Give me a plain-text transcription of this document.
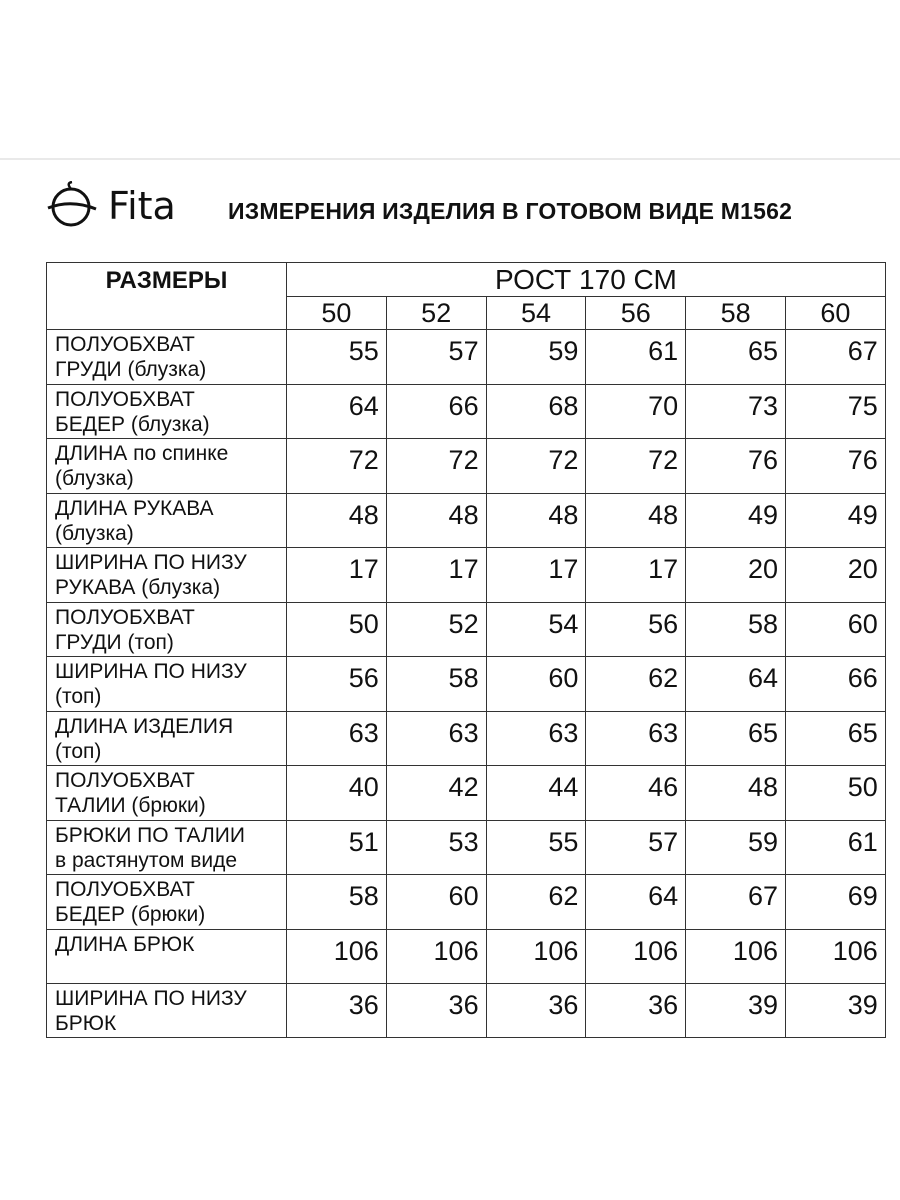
Fita ИЗМЕРЕНИЯ ИЗДЕЛИЯ В ГОТОВОМ ВИДЕ М1562
РАЗМЕРЫ	РОСТ 170 СМ					
	50	52	54	56	58	60

ПОЛУОБХВАТ
ГРУДИ (блузка)	55	57	59	61	65	67

ПОЛУОБХВАТ
БЕДЕР (блузка)	64	66	68	70	73	75

ДЛИНА по спинке
(блузка)	72	72	72	72	76	76

ДЛИНА РУКАВА
(блузка)	48	48	48	48	49	49

ШИРИНА ПО НИЗУ
РУКАВА (блузка)	17	17	17	17	20	20

ПОЛУОБХВАТ
ГРУДИ (топ)	50	52	54	56	58	60

ШИРИНА ПО НИЗУ
(топ)	56	58	60	62	64	66

ДЛИНА ИЗДЕЛИЯ
(топ)	63	63	63	63	65	65

ПОЛУОБХВАТ
ТАЛИИ (брюки)	40	42	44	46	48	50

БРЮКИ ПО ТАЛИИ
в растянутом виде	51	53	55	57	59	61

ПОЛУОБХВАТ
БЕДЕР (брюки)	58	60	62	64	67	69

ДЛИНА БРЮК	106	106	106	106	106	106

ШИРИНА ПО НИЗУ
БРЮК	36	36	36	36	39	39
